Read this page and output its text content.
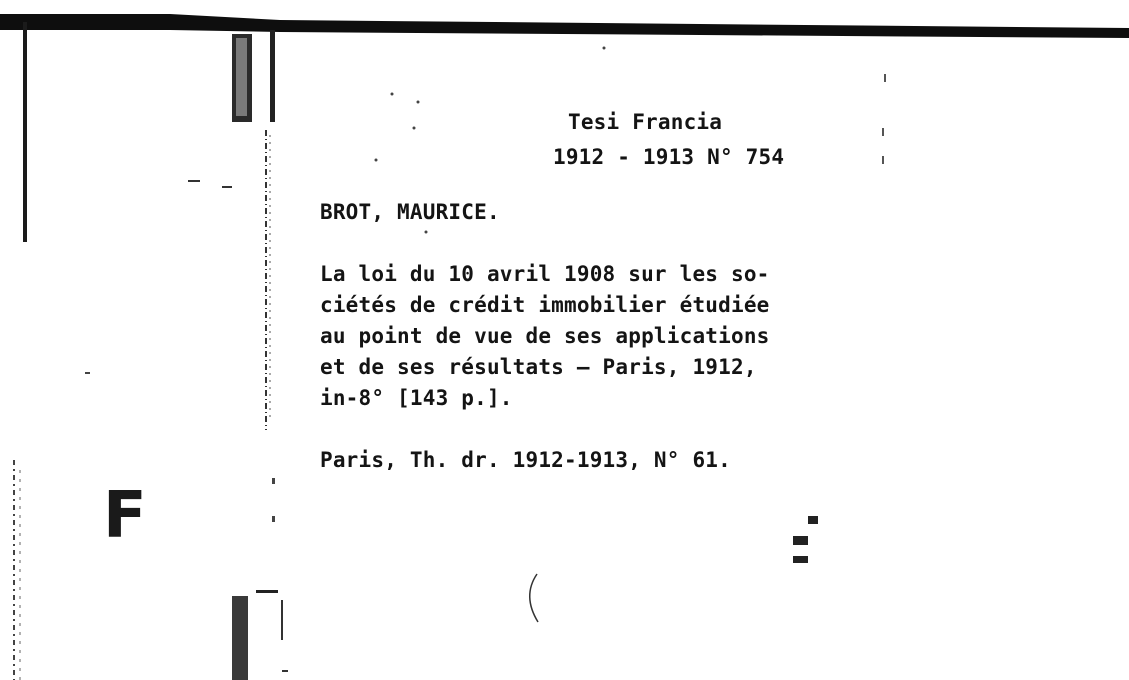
Tesi Francia
1912 - 1913 N° 754
BROT, MAURICE.
La loi du 10 avril 1908 sur les so-
ciétés de crédit immobilier étudiée
au point de vue de ses applications
et de ses résultats — Paris, 1912,
in-8° [143 p.].
Paris, Th. dr. 1912-1913, N° 61.
F
